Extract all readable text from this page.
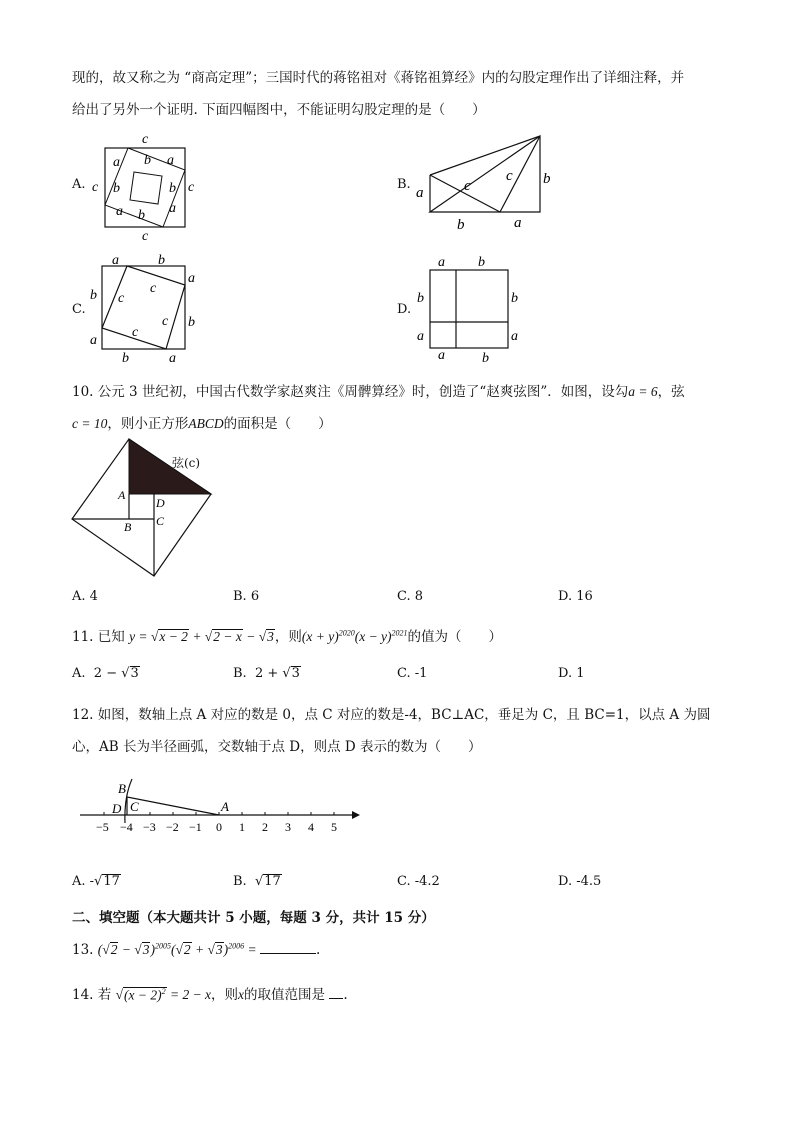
现的，故又称之为 “商高定理”；三国时代的蒋铭祖对《蒋铭祖算经》内的勾股定理作出了详细注释，并
给出了另外一个证明. 下面四幅图中，不能证明勾股定理的是（　　）
A.
c
c
c	c
a b a
b	b
a b a
B.
a	c
c b
b	a
C.
a	b
a
b
b
a
b	a
c
c
c
c
D.
a b
b	b
a	a
a	b
10. 公元 3 世纪初，中国古代数学家赵爽注《周髀算经》时，创造了“赵爽弦图”．如图，设勾a = 6，弦
c = 10，则小正方形ABCD的面积是（　　）
A
D
B C
弦(c)
A. 4	B. 6	C. 8	D. 16
11. 已知 y = √x − 2 + √2 − x − √3，则$(x + y)^{2020}(x - y)^{2021}$的值为（　　）
A.  2 − √3	B.  2 + √3	C. -1	D. 1
12. 如图，数轴上点 A 对应的数是 0，点 C 对应的数是-4，BC⊥AC，垂足为 C，且 BC=1，以点 A 为圆
心，AB 长为半径画弧，交数轴于点 D，则点 D 表示的数为（　　）
B
D C	A
−5 −4 −3 −2 −1 0 1 2 3 4 5
A. -√17	B.  √17	C. -4.2	D. -4.5
二、填空题（本大题共计 5 小题，每题 3 分，共计 15 分）
13. $(√2 - √3)^{2005}(√2 + √3)^{2006}$ =	.
14. 若 $√(x - 2)^2 = 2 - x$，则x的取值范围是 .
